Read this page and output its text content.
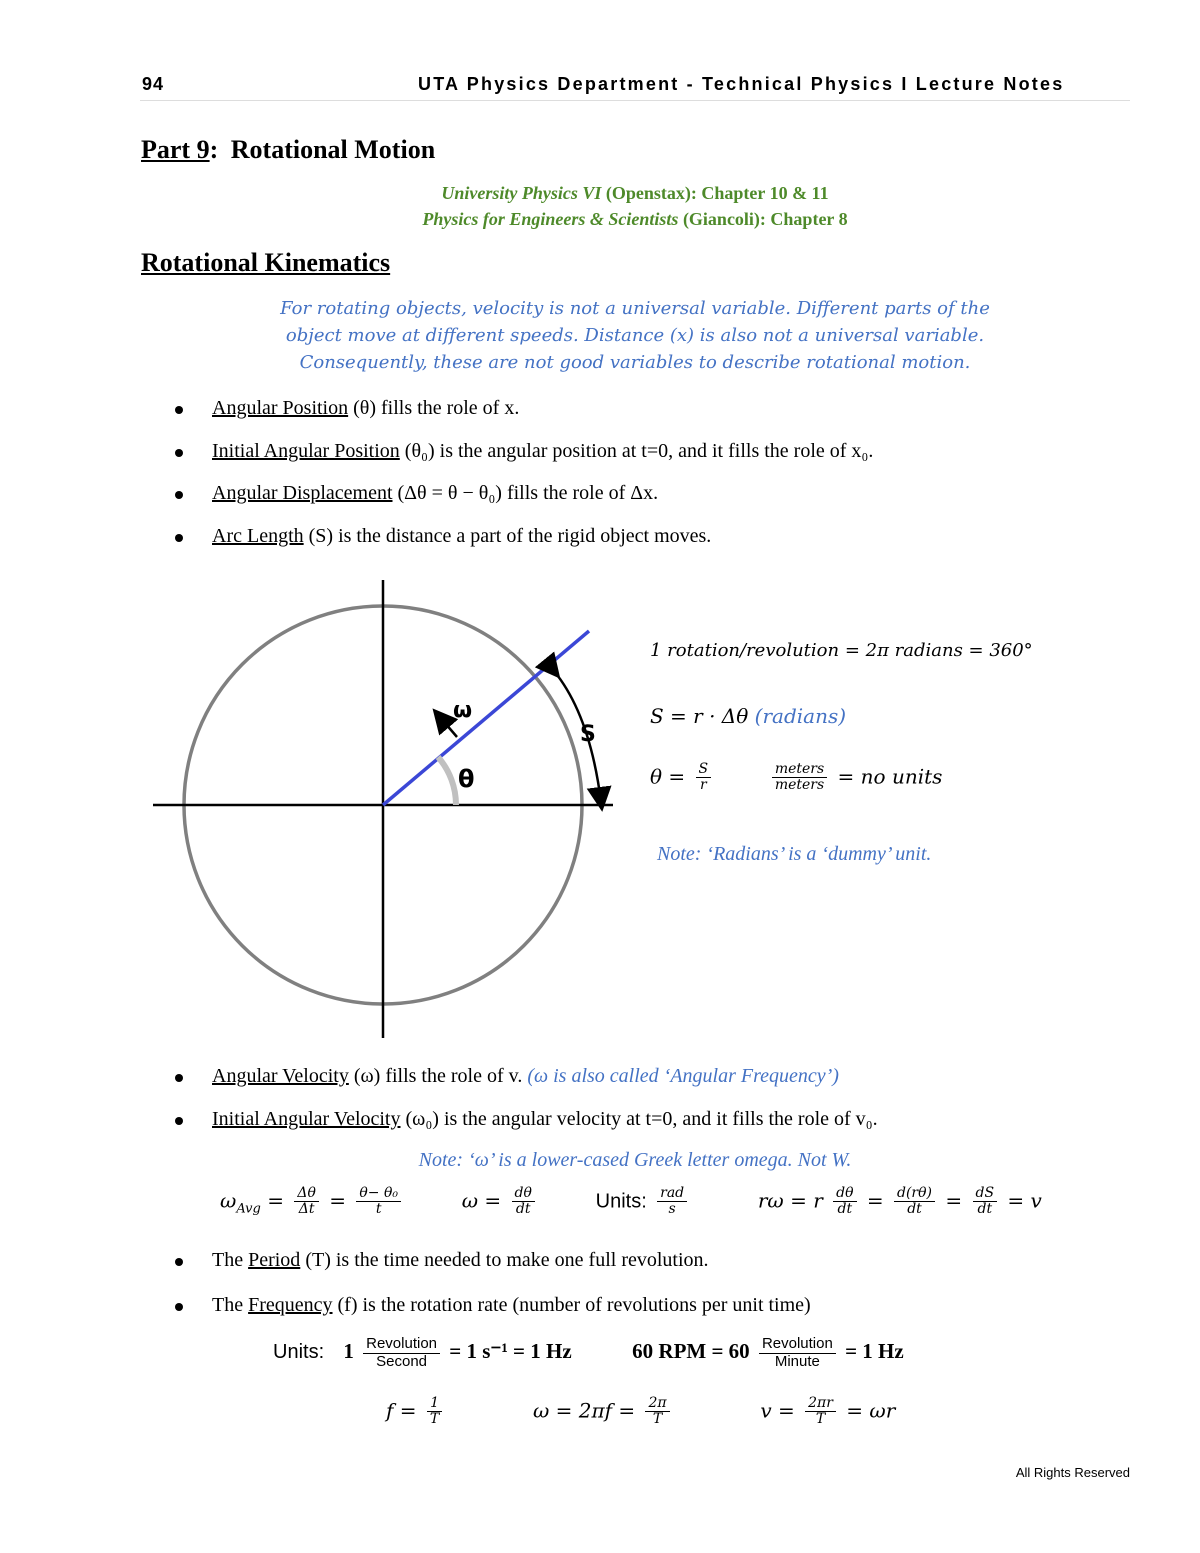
94	UTA Physics Department - Technical Physics I Lecture Notes
Part 9: Rotational Motion
University Physics VI (Openstax): Chapter 10 & 11
Physics for Engineers & Scientists (Giancoli): Chapter 8
Rotational Kinematics
For rotating objects, velocity is not a universal variable. Different parts of the
object move at different speeds. Distance (x) is also not a universal variable.
Consequently, these are not good variables to describe rotational motion.
Angular Position (θ) fills the role of x.
Initial Angular Position (θ₀) is the angular position at t=0, and it fills the role of x₀.
Angular Displacement (Δθ = θ − θ₀) fills the role of Δx.
Arc Length (S) is the distance a part of the rigid object moves.
ω
S
θ
1 rotation/revolution = 2π radians = 360°
S = r · Δθ (radians)
$\theta = \frac{S}{r}$
	$\frac{\text{meters}}{\text{meters}}$ = no units
Note: ‘Radians’ is a ‘dummy’ unit.
Angular Velocity (ω) fills the role of v. (ω is also called ‘Angular Frequency’)
Initial Angular Velocity (ω₀) is the angular velocity at t=0, and it fills the role of v₀.
Note: ‘ω’ is a lower-cased Greek letter omega. Not W.
$\omega_{Avg} = \frac{\Delta\theta}{\Delta t} = \frac{\text{θ− θ₀}}{t}$	$\omega = \frac{d\theta}{dt}$	Units: $\frac{\text{rad}}{s}$	rω = r $\frac{d\theta}{dt} = \frac{d(r\theta)}{dt} = \frac{dS}{dt} = v$
The Period (T) is the time needed to make one full revolution.
The Frequency (f) is the rotation rate (number of revolutions per unit time)
Units: $1 \frac{\text{Revolution}}{\text{Second}} = 1$ s⁻¹ = 1 Hz	60 RPM = $60 \frac{\text{Revolution}}{\text{Minute}} = 1$ Hz
$f = \frac{1}{T}$	$\omega = 2\pi f = \frac{2\pi}{T}$	$v = \frac{2\pi r}{T} = \omega r$
All Rights Reserved
